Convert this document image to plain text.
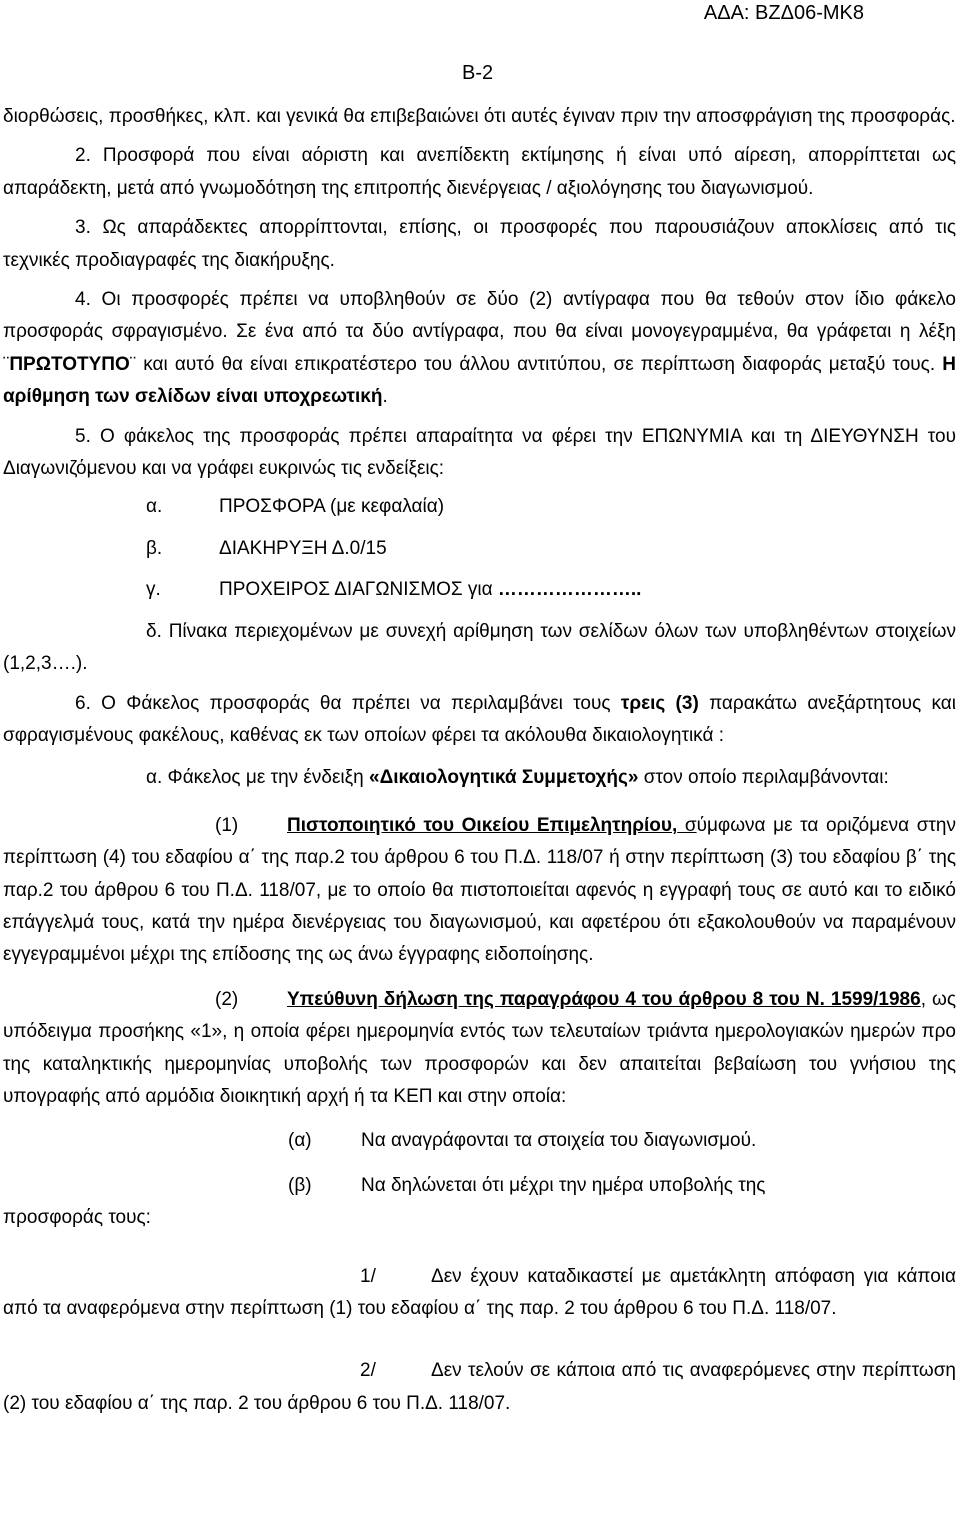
ΑΔΑ: ΒΖΔ06-ΜΚ8
Β-2

διορθώσεις, προσθήκες, κλπ. και γενικά θα επιβεβαιώνει ότι αυτές έγιναν πριν την αποσφράγιση της προσφοράς.

2. Προσφορά που είναι αόριστη και ανεπίδεκτη εκτίμησης ή είναι υπό αίρεση, απορρίπτεται ως απαράδεκτη, μετά από γνωμοδότηση της επιτροπής διενέργειας / αξιολόγησης του διαγωνισμού.

3. Ως απαράδεκτες απορρίπτονται, επίσης, οι προσφορές που παρουσιάζουν αποκλίσεις από τις τεχνικές προδιαγραφές της διακήρυξης.

4. Οι προσφορές πρέπει να υποβληθούν σε δύο (2) αντίγραφα που θα τεθούν στον ίδιο φάκελο προσφοράς σφραγισμένο. Σε ένα από τα δύο αντίγραφα, που θα είναι μονογεγραμμένα, θα γράφεται η λέξη ¨ΠΡΩΤΟΤΥΠΟ¨ και αυτό θα είναι επικρατέστερο του άλλου αντιτύπου, σε περίπτωση διαφοράς μεταξύ τους. Η αρίθμηση των σελίδων είναι υποχρεωτική.

5. Ο φάκελος της προσφοράς πρέπει απαραίτητα να φέρει την ΕΠΩΝΥΜΙΑ και τη ΔΙΕΥΘΥΝΣΗ του Διαγωνιζόμενου και να γράφει ευκρινώς τις ενδείξεις:

α.	ΠΡΟΣΦΟΡΑ (με κεφαλαία)

β.	ΔΙΑΚΗΡΥΞΗ Δ.0/15

γ.	ΠΡΟΧΕΙΡΟΣ ΔΙΑΓΩΝΙΣΜΟΣ για …………………..

δ. Πίνακα περιεχομένων με συνεχή αρίθμηση των σελίδων όλων των υποβληθέντων στοιχείων (1,2,3….).

6. Ο Φάκελος προσφοράς θα πρέπει να περιλαμβάνει τους τρεις (3) παρακάτω ανεξάρτητους και σφραγισμένους φακέλους, καθένας εκ των οποίων φέρει τα ακόλουθα δικαιολογητικά :

α. Φάκελος με την ένδειξη «Δικαιολογητικά Συμμετοχής» στον οποίο περιλαμβάνονται:

(1)	Πιστοποιητικό του Οικείου Επιμελητηρίου, σύμφωνα με τα οριζόμενα στην περίπτωση (4) του εδαφίου α΄ της παρ.2 του άρθρου 6 του Π.Δ. 118/07 ή στην περίπτωση (3) του εδαφίου β΄ της παρ.2 του άρθρου 6 του Π.Δ. 118/07, με το οποίο θα πιστοποιείται αφενός η εγγραφή τους σε αυτό και το ειδικό επάγγελμά τους, κατά την ημέρα διενέργειας του διαγωνισμού, και αφετέρου ότι εξακολουθούν να παραμένουν εγγεγραμμένοι μέχρι της επίδοσης της ως άνω έγγραφης ειδοποίησης.

(2)	Υπεύθυνη δήλωση της παραγράφου 4 του άρθρου 8 του Ν. 1599/1986, ως υπόδειγμα προσήκης «1», η οποία φέρει ημερομηνία εντός των τελευταίων τριάντα ημερολογιακών ημερών προ της καταληκτικής ημερομηνίας υποβολής των προσφορών και δεν απαιτείται βεβαίωση του γνήσιου της υπογραφής από αρμόδια διοικητική αρχή ή τα ΚΕΠ και στην οποία:

(α)	Να αναγράφονται τα στοιχεία του διαγωνισμού.

(β)	Να δηλώνεται ότι μέχρι την ημέρα υποβολής της

προσφοράς τους:

1/	Δεν έχουν καταδικαστεί με αμετάκλητη απόφαση για κάποια από τα αναφερόμενα στην περίπτωση (1) του εδαφίου α΄ της παρ. 2 του άρθρου 6 του Π.Δ. 118/07.

2/	Δεν τελούν σε κάποια από τις αναφερόμενες στην περίπτωση (2) του εδαφίου α΄ της παρ. 2 του άρθρου 6 του Π.Δ. 118/07.
